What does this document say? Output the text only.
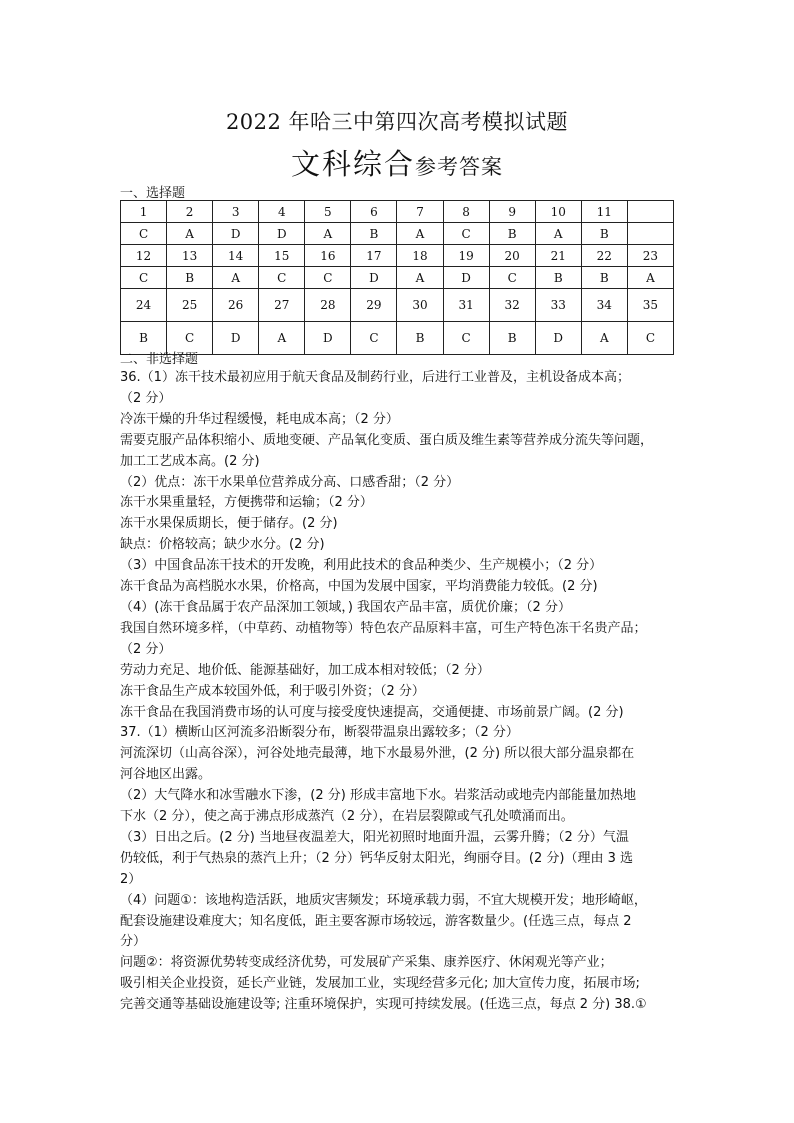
2022 年哈三中第四次高考模拟试题
文科综合参考答案
一、选择题
1	2	3	4	5	6	7	8	9	10	11	
C	A	D	D	A	B	A	C	B	A	B	
12	13	14	15	16	17	18	19	20	21	22	23
C	B	A	C	C	D	A	D	C	B	B	A
24	25	26	27	28	29	30	31	32	33	34	35
B	C	D	A	D	C	B	C	B	D	A	C
二、非选择题

36.（1）冻干技术最初应用于航天食品及制药行业，后进行工业普及，主机设备成本高；

（2 分）

冷冻干燥的升华过程缓慢，耗电成本高；（2 分）

需要克服产品体积缩小、质地变硬、产品氧化变质、蛋白质及维生素等营养成分流失等问题，

加工工艺成本高。(2 分)

（2）优点：冻干水果单位营养成分高、口感香甜；（2 分）

冻干水果重量轻，方便携带和运输；（2 分）

冻干水果保质期长，便于储存。(2 分)

缺点：价格较高；缺少水分。(2 分)

（3）中国食品冻干技术的开发晚，利用此技术的食品种类少、生产规模小；（2 分）

冻干食品为高档脱水水果，价格高，中国为发展中国家，平均消费能力较低。(2 分)

（4）(冻干食品属于农产品深加工领域，) 我国农产品丰富，质优价廉；（2 分）

我国自然环境多样，（中草药、动植物等）特色农产品原料丰富，可生产特色冻干名贵产品；

（2 分）

劳动力充足、地价低、能源基础好，加工成本相对较低；（2 分）

冻干食品生产成本较国外低，利于吸引外资；（2 分）

冻干食品在我国消费市场的认可度与接受度快速提高，交通便捷、市场前景广阔。(2 分)

37.（1）横断山区河流多沿断裂分布，断裂带温泉出露较多；（2 分）

河流深切（山高谷深），河谷处地壳最薄，地下水最易外泄，(2 分) 所以很大部分温泉都在

河谷地区出露。

（2）大气降水和冰雪融水下渗，(2 分) 形成丰富地下水。岩浆活动或地壳内部能量加热地

下水（2 分），使之高于沸点形成蒸汽（2 分），在岩层裂隙或气孔处喷涌而出。

（3）日出之后。(2 分) 当地昼夜温差大，阳光初照时地面升温，云雾升腾；（2 分）气温

仍较低，利于气热泉的蒸汽上升；（2 分）钙华反射太阳光，绚丽夺目。(2 分)（理由 3 选

2）

（4）问题①：该地构造活跃，地质灾害频发；环境承载力弱，不宜大规模开发；地形崎岖，

配套设施建设难度大；知名度低，距主要客源市场较远，游客数量少。(任选三点，每点 2

分）

问题②：将资源优势转变成经济优势，可发展矿产采集、康养医疗、休闲观光等产业；

吸引相关企业投资，延长产业链，发展加工业，实现经营多元化; 加大宣传力度，拓展市场;

完善交通等基础设施建设等; 注重环境保护，实现可持续发展。(任选三点，每点 2 分) 38.①
